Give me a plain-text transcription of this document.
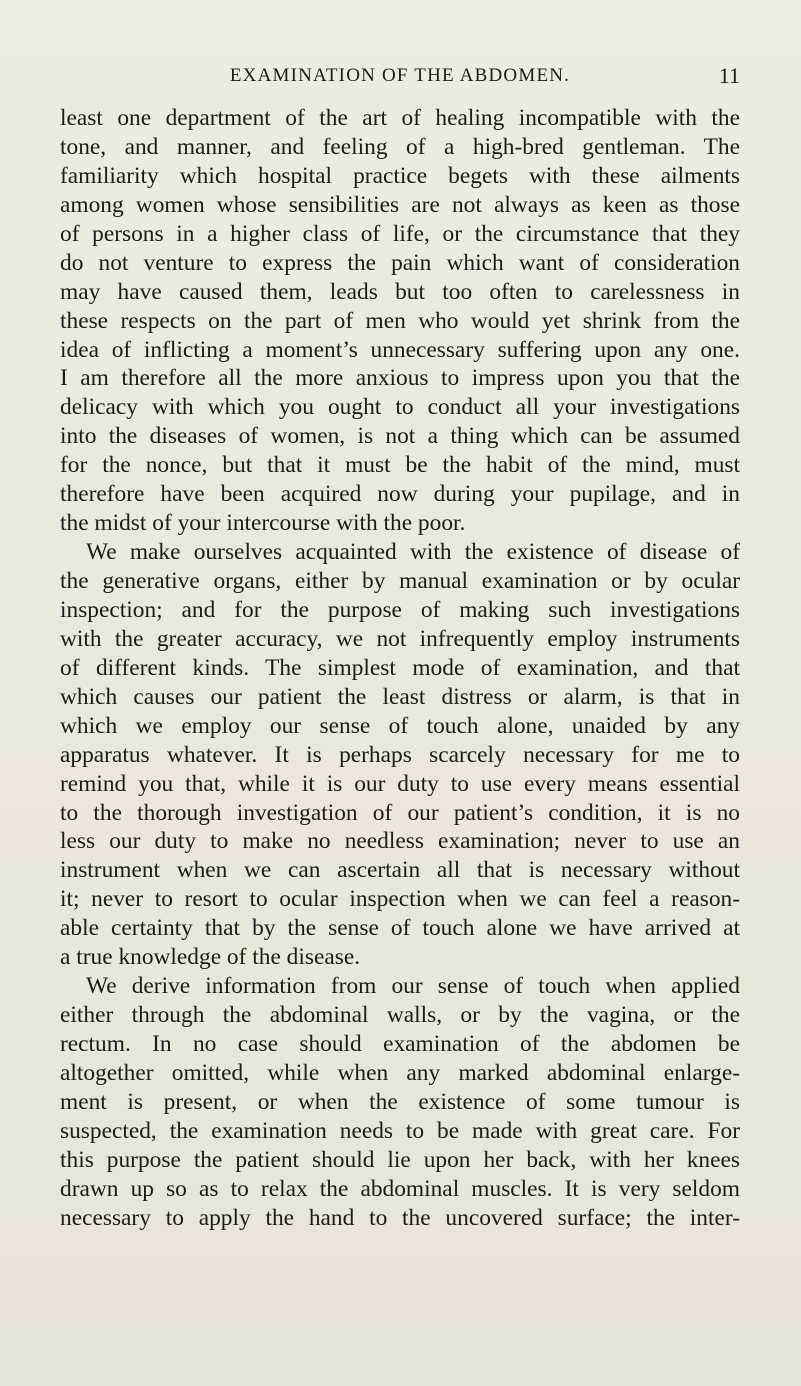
EXAMINATION OF THE ABDOMEN.	11
least one department of the art of healing incompatible with the
tone, and manner, and feeling of a high-bred gentleman. The
familiarity which hospital practice begets with these ailments
among women whose sensibilities are not always as keen as those
of persons in a higher class of life, or the circumstance that they
do not venture to express the pain which want of consideration
may have caused them, leads but too often to carelessness in
these respects on the part of men who would yet shrink from the
idea of inflicting a moment’s unnecessary suffering upon any one.
I am therefore all the more anxious to impress upon you that the
delicacy with which you ought to conduct all your investigations
into the diseases of women, is not a thing which can be assumed
for the nonce, but that it must be the habit of the mind, must
therefore have been acquired now during your pupilage, and in
the midst of your intercourse with the poor.
We make ourselves acquainted with the existence of disease of
the generative organs, either by manual examination or by ocular
inspection; and for the purpose of making such investigations
with the greater accuracy, we not infrequently employ instruments
of different kinds. The simplest mode of examination, and that
which causes our patient the least distress or alarm, is that in
which we employ our sense of touch alone, unaided by any
apparatus whatever. It is perhaps scarcely necessary for me to
remind you that, while it is our duty to use every means essential
to the thorough investigation of our patient’s condition, it is no
less our duty to make no needless examination; never to use an
instrument when we can ascertain all that is necessary without
it; never to resort to ocular inspection when we can feel a reason-
able certainty that by the sense of touch alone we have arrived at
a true knowledge of the disease.
We derive information from our sense of touch when applied
either through the abdominal walls, or by the vagina, or the
rectum. In no case should examination of the abdomen be
altogether omitted, while when any marked abdominal enlarge-
ment is present, or when the existence of some tumour is
suspected, the examination needs to be made with great care. For
this purpose the patient should lie upon her back, with her knees
drawn up so as to relax the abdominal muscles. It is very seldom
necessary to apply the hand to the uncovered surface; the inter-
